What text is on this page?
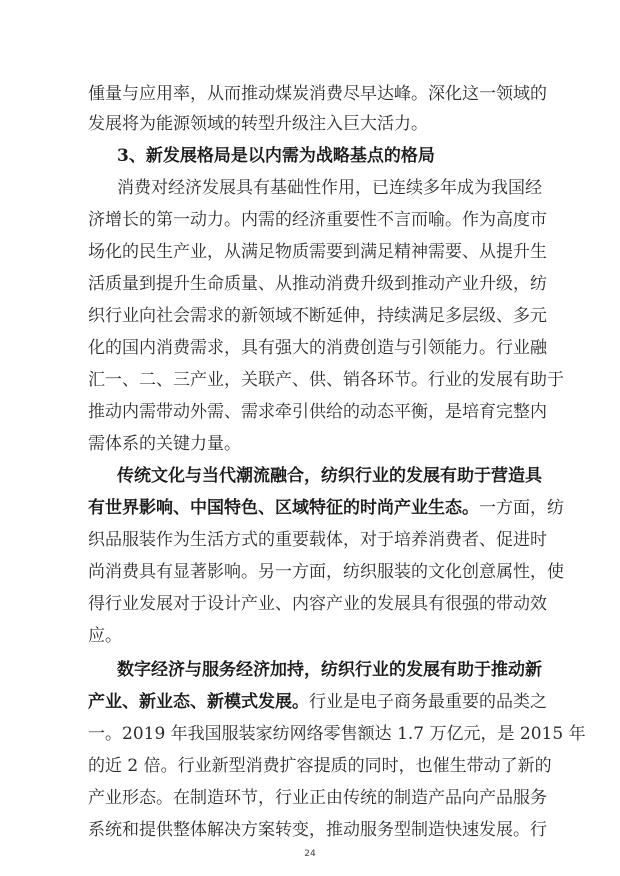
偅量与应用率，从而推动煤炭消费尽早达峰。深化这一领域的
发展将为能源领域的转型升级注入巨大活力。
3、新发展格局是以内需为战略基点的格局
消费对经济发展具有基础性作用，已连续多年成为我国经
济增长的第一动力。内需的经济重要性不言而喻。作为高度市
场化的民生产业，从满足物质需要到满足精神需要、从提升生
活质量到提升生命质量、从推动消费升级到推动产业升级，纺
织行业向社会需求的新领域不断延伸，持续满足多层级、多元
化的国内消费需求，具有强大的消费创造与引领能力。行业融
汇一、二、三产业，关联产、供、销各环节。行业的发展有助于
推动内需带动外需、需求牵引供给的动态平衡，是培育完整内
需体系的关键力量。
传统文化与当代潮流融合，纺织行业的发展有助于营造具
有世界影响、中国特色、区域特征的时尚产业生态。一方面，纺
织品服装作为生活方式的重要载体，对于培养消费者、促进时
尚消费具有显著影响。另一方面，纺织服装的文化创意属性，使
得行业发展对于设计产业、内容产业的发展具有很强的带动效
应。
数字经济与服务经济加持，纺织行业的发展有助于推动新
产业、新业态、新模式发展。行业是电子商务最重要的品类之
一。2019 年我国服装家纺网络零售额达 1.7 万亿元，是 2015 年
的近 2 倍。行业新型消费扩容提质的同时，也催生带动了新的
产业形态。在制造环节，行业正由传统的制造产品向产品服务
系统和提供整体解决方案转变，推动服务型制造快速发展。行
24
